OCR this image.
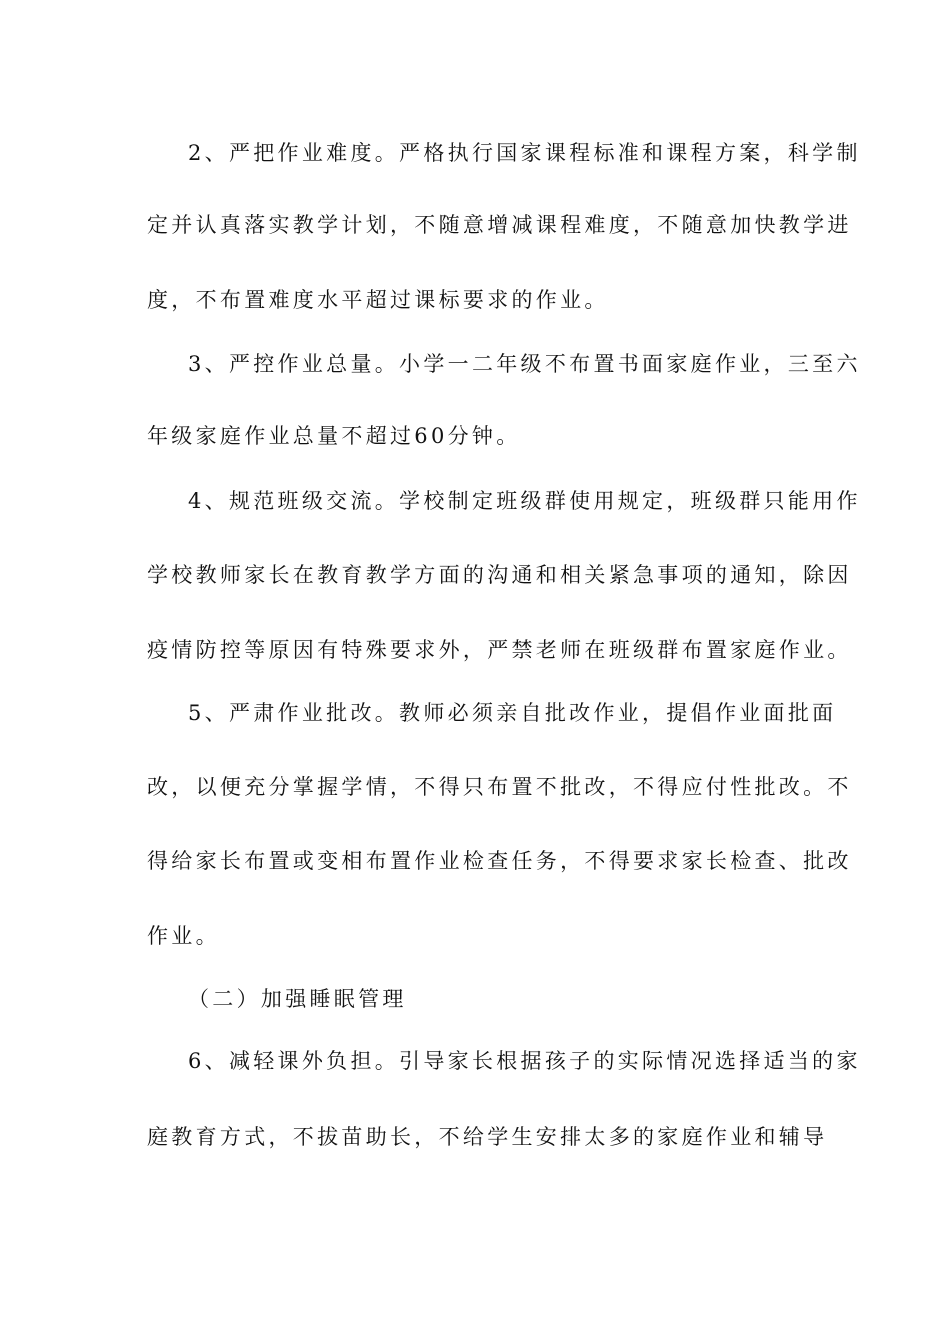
2、严把作业难度。严格执行国家课程标准和课程方案，科学制
定并认真落实教学计划，不随意增减课程难度，不随意加快教学进
度，不布置难度水平超过课标要求的作业。
3、严控作业总量。小学一二年级不布置书面家庭作业，三至六
年级家庭作业总量不超过60分钟。
4、规范班级交流。学校制定班级群使用规定，班级群只能用作
学校教师家长在教育教学方面的沟通和相关紧急事项的通知，除因
疫情防控等原因有特殊要求外，严禁老师在班级群布置家庭作业。
5、严肃作业批改。教师必须亲自批改作业，提倡作业面批面
改，以便充分掌握学情，不得只布置不批改，不得应付性批改。不
得给家长布置或变相布置作业检查任务，不得要求家长检查、批改
作业。
（二）加强睡眠管理
6、减轻课外负担。引导家长根据孩子的实际情况选择适当的家
庭教育方式，不拔苗助长，不给学生安排太多的家庭作业和辅导
